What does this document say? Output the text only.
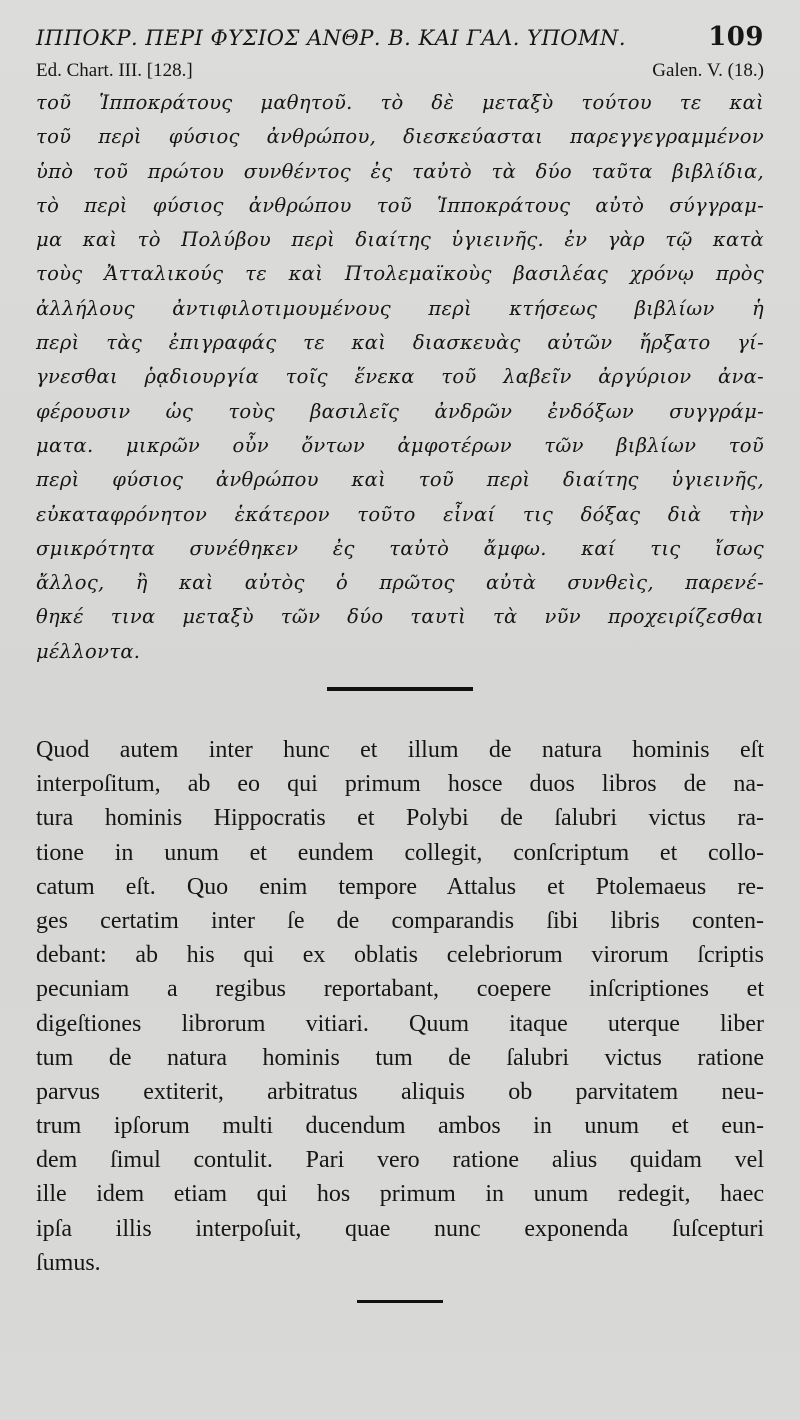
ΙΠΠΟΚΡ. ΠΕΡΙ ΦΥΣΙΟΣ ΑΝΘΡ. Β. ΚΑΙ ΓΑΛ. ΥΠΟΜΝ.	109
Ed. Chart. III. [128.]	Galen. V. (18.)
τοῦ Ἱπποκράτους μαθητοῦ. τὸ δὲ μεταξὺ τούτου τε καὶ
τοῦ περὶ φύσιος ἀνθρώπου, διεσκεύασται παρεγγεγραμμένον
ὑπὸ τοῦ πρώτου συνθέντος ἐς ταὐτὸ τὰ δύο ταῦτα βιβλίδια,
τὸ περὶ φύσιος ἀνθρώπου τοῦ Ἱπποκράτους αὐτὸ σύγγραμ-
μα καὶ τὸ Πολύβου περὶ διαίτης ὑγιεινῆς. ἐν γὰρ τῷ κατὰ
τοὺς Ἀτταλικούς τε καὶ Πτολεμαϊκοὺς βασιλέας χρόνῳ πρὸς
ἀλλήλους ἀντιφιλοτιμουμένους περὶ κτήσεως βιβλίων ἡ
περὶ τὰς ἐπιγραφάς τε καὶ διασκευὰς αὐτῶν ἤρξατο γί-
γνεσθαι ῥᾳδιουργία τοῖς ἕνεκα τοῦ λαβεῖν ἀργύριον ἀνα-
φέρουσιν ὡς τοὺς βασιλεῖς ἀνδρῶν ἐνδόξων συγγράμ-
ματα. μικρῶν οὖν ὄντων ἀμφοτέρων τῶν βιβλίων τοῦ
περὶ φύσιος ἀνθρώπου καὶ τοῦ περὶ διαίτης ὑγιεινῆς,
εὐκαταφρόνητον ἑκάτερον τοῦτο εἶναί τις δόξας διὰ τὴν
σμικρότητα συνέθηκεν ἐς ταὐτὸ ἄμφω. καί τις ἴσως
ἄλλος, ἢ καὶ αὐτὸς ὁ πρῶτος αὐτὰ συνθεὶς, παρενέ-
θηκέ τινα μεταξὺ τῶν δύο ταυτὶ τὰ νῦν προχειρίζεσθαι
μέλλοντα.
Quod autem inter hunc et illum de natura hominis eſt
interpoſitum, ab eo qui primum hosce duos libros de na-
tura hominis Hippocratis et Polybi de ſalubri victus ra-
tione in unum et eundem collegit, conſcriptum et collo-
catum eſt. Quo enim tempore Attalus et Ptolemaeus re-
ges certatim inter ſe de comparandis ſibi libris conten-
debant: ab his qui ex oblatis celebriorum virorum ſcriptis
pecuniam a regibus reportabant, coepere inſcriptiones et
digeſtiones librorum vitiari. Quum itaque uterque liber
tum de natura hominis tum de ſalubri victus ratione
parvus extiterit, arbitratus aliquis ob parvitatem neu-
trum ipſorum multi ducendum ambos in unum et eun-
dem ſimul contulit. Pari vero ratione alius quidam vel
ille idem etiam qui hos primum in unum redegit, haec
ipſa illis interpoſuit, quae nunc exponenda ſuſcepturi
ſumus.
